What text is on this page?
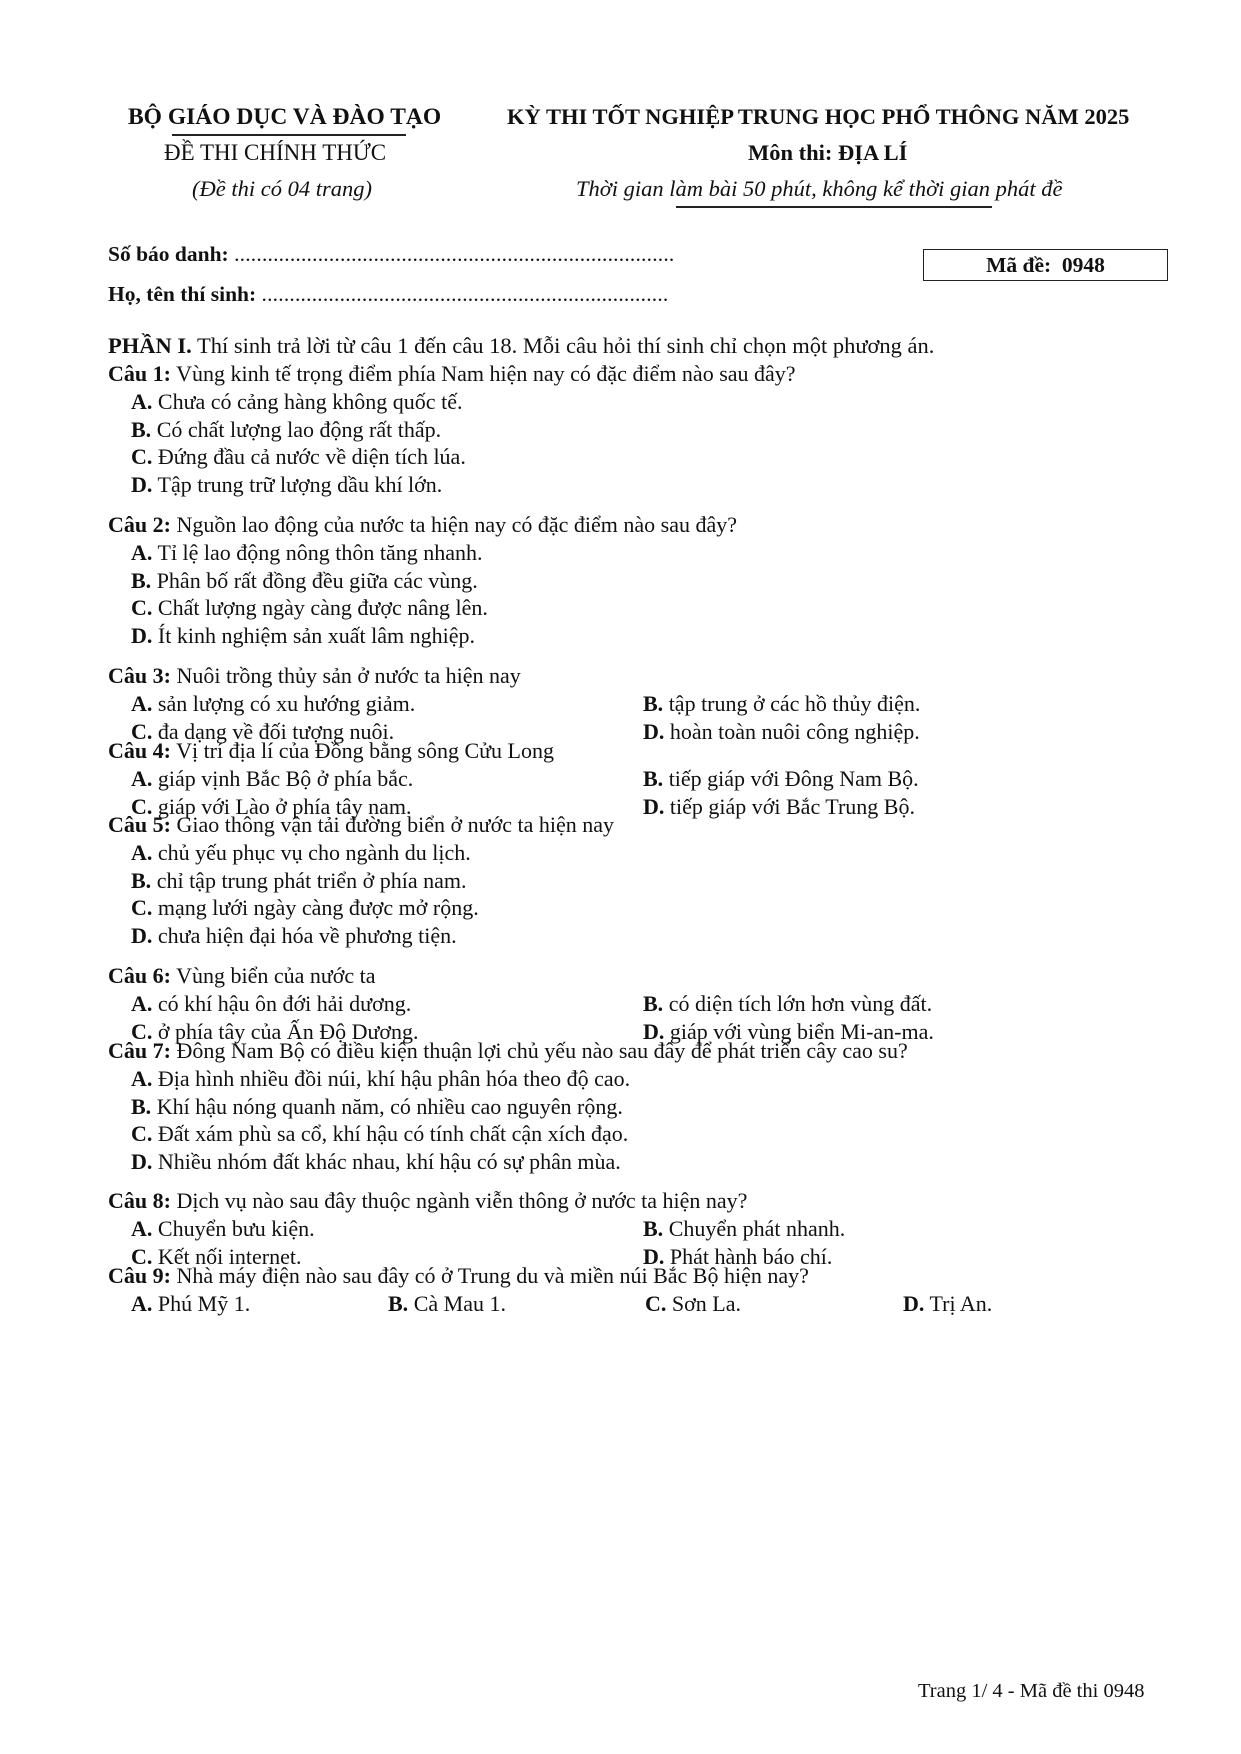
BỘ GIÁO DỤC VÀ ĐÀO TẠO
ĐỀ THI CHÍNH THỨC
(Đề thi có 04 trang)
KỲ THI TỐT NGHIỆP TRUNG HỌC PHỔ THÔNG NĂM 2025
Môn thi: ĐỊA LÍ
Thời gian làm bài 50 phút, không kể thời gian phát đề
Số báo danh: ...............................................................................
Họ, tên thí sinh: .........................................................................
Mã đề:
0948
PHẦN I. Thí sinh trả lời từ câu 1 đến câu 18. Mỗi câu hỏi thí sinh chỉ chọn một phương án.
Câu 1: Vùng kinh tế trọng điểm phía Nam hiện nay có đặc điểm nào sau đây?
A. Chưa có cảng hàng không quốc tế.
B. Có chất lượng lao động rất thấp.
C. Đứng đầu cả nước về diện tích lúa.
D. Tập trung trữ lượng dầu khí lớn.
Câu 2: Nguồn lao động của nước ta hiện nay có đặc điểm nào sau đây?
A. Tỉ lệ lao động nông thôn tăng nhanh.
B. Phân bố rất đồng đều giữa các vùng.
C. Chất lượng ngày càng được nâng lên.
D. Ít kinh nghiệm sản xuất lâm nghiệp.
Câu 3: Nuôi trồng thủy sản ở nước ta hiện nay
A. sản lượng có xu hướng giảm.	B. tập trung ở các hồ thủy điện.
C. đa dạng về đối tượng nuôi.	D. hoàn toàn nuôi công nghiệp.
Câu 4: Vị trí địa lí của Đồng bằng sông Cửu Long
A. giáp vịnh Bắc Bộ ở phía bắc.	B. tiếp giáp với Đông Nam Bộ.
C. giáp với Lào ở phía tây nam.	D. tiếp giáp với Bắc Trung Bộ.
Câu 5: Giao thông vận tải đường biển ở nước ta hiện nay
A. chủ yếu phục vụ cho ngành du lịch.
B. chỉ tập trung phát triển ở phía nam.
C. mạng lưới ngày càng được mở rộng.
D. chưa hiện đại hóa về phương tiện.
Câu 6: Vùng biển của nước ta
A. có khí hậu ôn đới hải dương.	B. có diện tích lớn hơn vùng đất.
C. ở phía tây của Ấn Độ Dương.	D. giáp với vùng biển Mi-an-ma.
Câu 7: Đông Nam Bộ có điều kiện thuận lợi chủ yếu nào sau đây để phát triển cây cao su?
A. Địa hình nhiều đồi núi, khí hậu phân hóa theo độ cao.
B. Khí hậu nóng quanh năm, có nhiều cao nguyên rộng.
C. Đất xám phù sa cổ, khí hậu có tính chất cận xích đạo.
D. Nhiều nhóm đất khác nhau, khí hậu có sự phân mùa.
Câu 8: Dịch vụ nào sau đây thuộc ngành viễn thông ở nước ta hiện nay?
A. Chuyển bưu kiện.	B. Chuyển phát nhanh.
C. Kết nối internet.	D. Phát hành báo chí.
Câu 9: Nhà máy điện nào sau đây có ở Trung du và miền núi Bắc Bộ hiện nay?
A. Phú Mỹ 1.	B. Cà Mau 1.	C. Sơn La.	D. Trị An.
Trang 1/ 4 - Mã đề thi 0948
